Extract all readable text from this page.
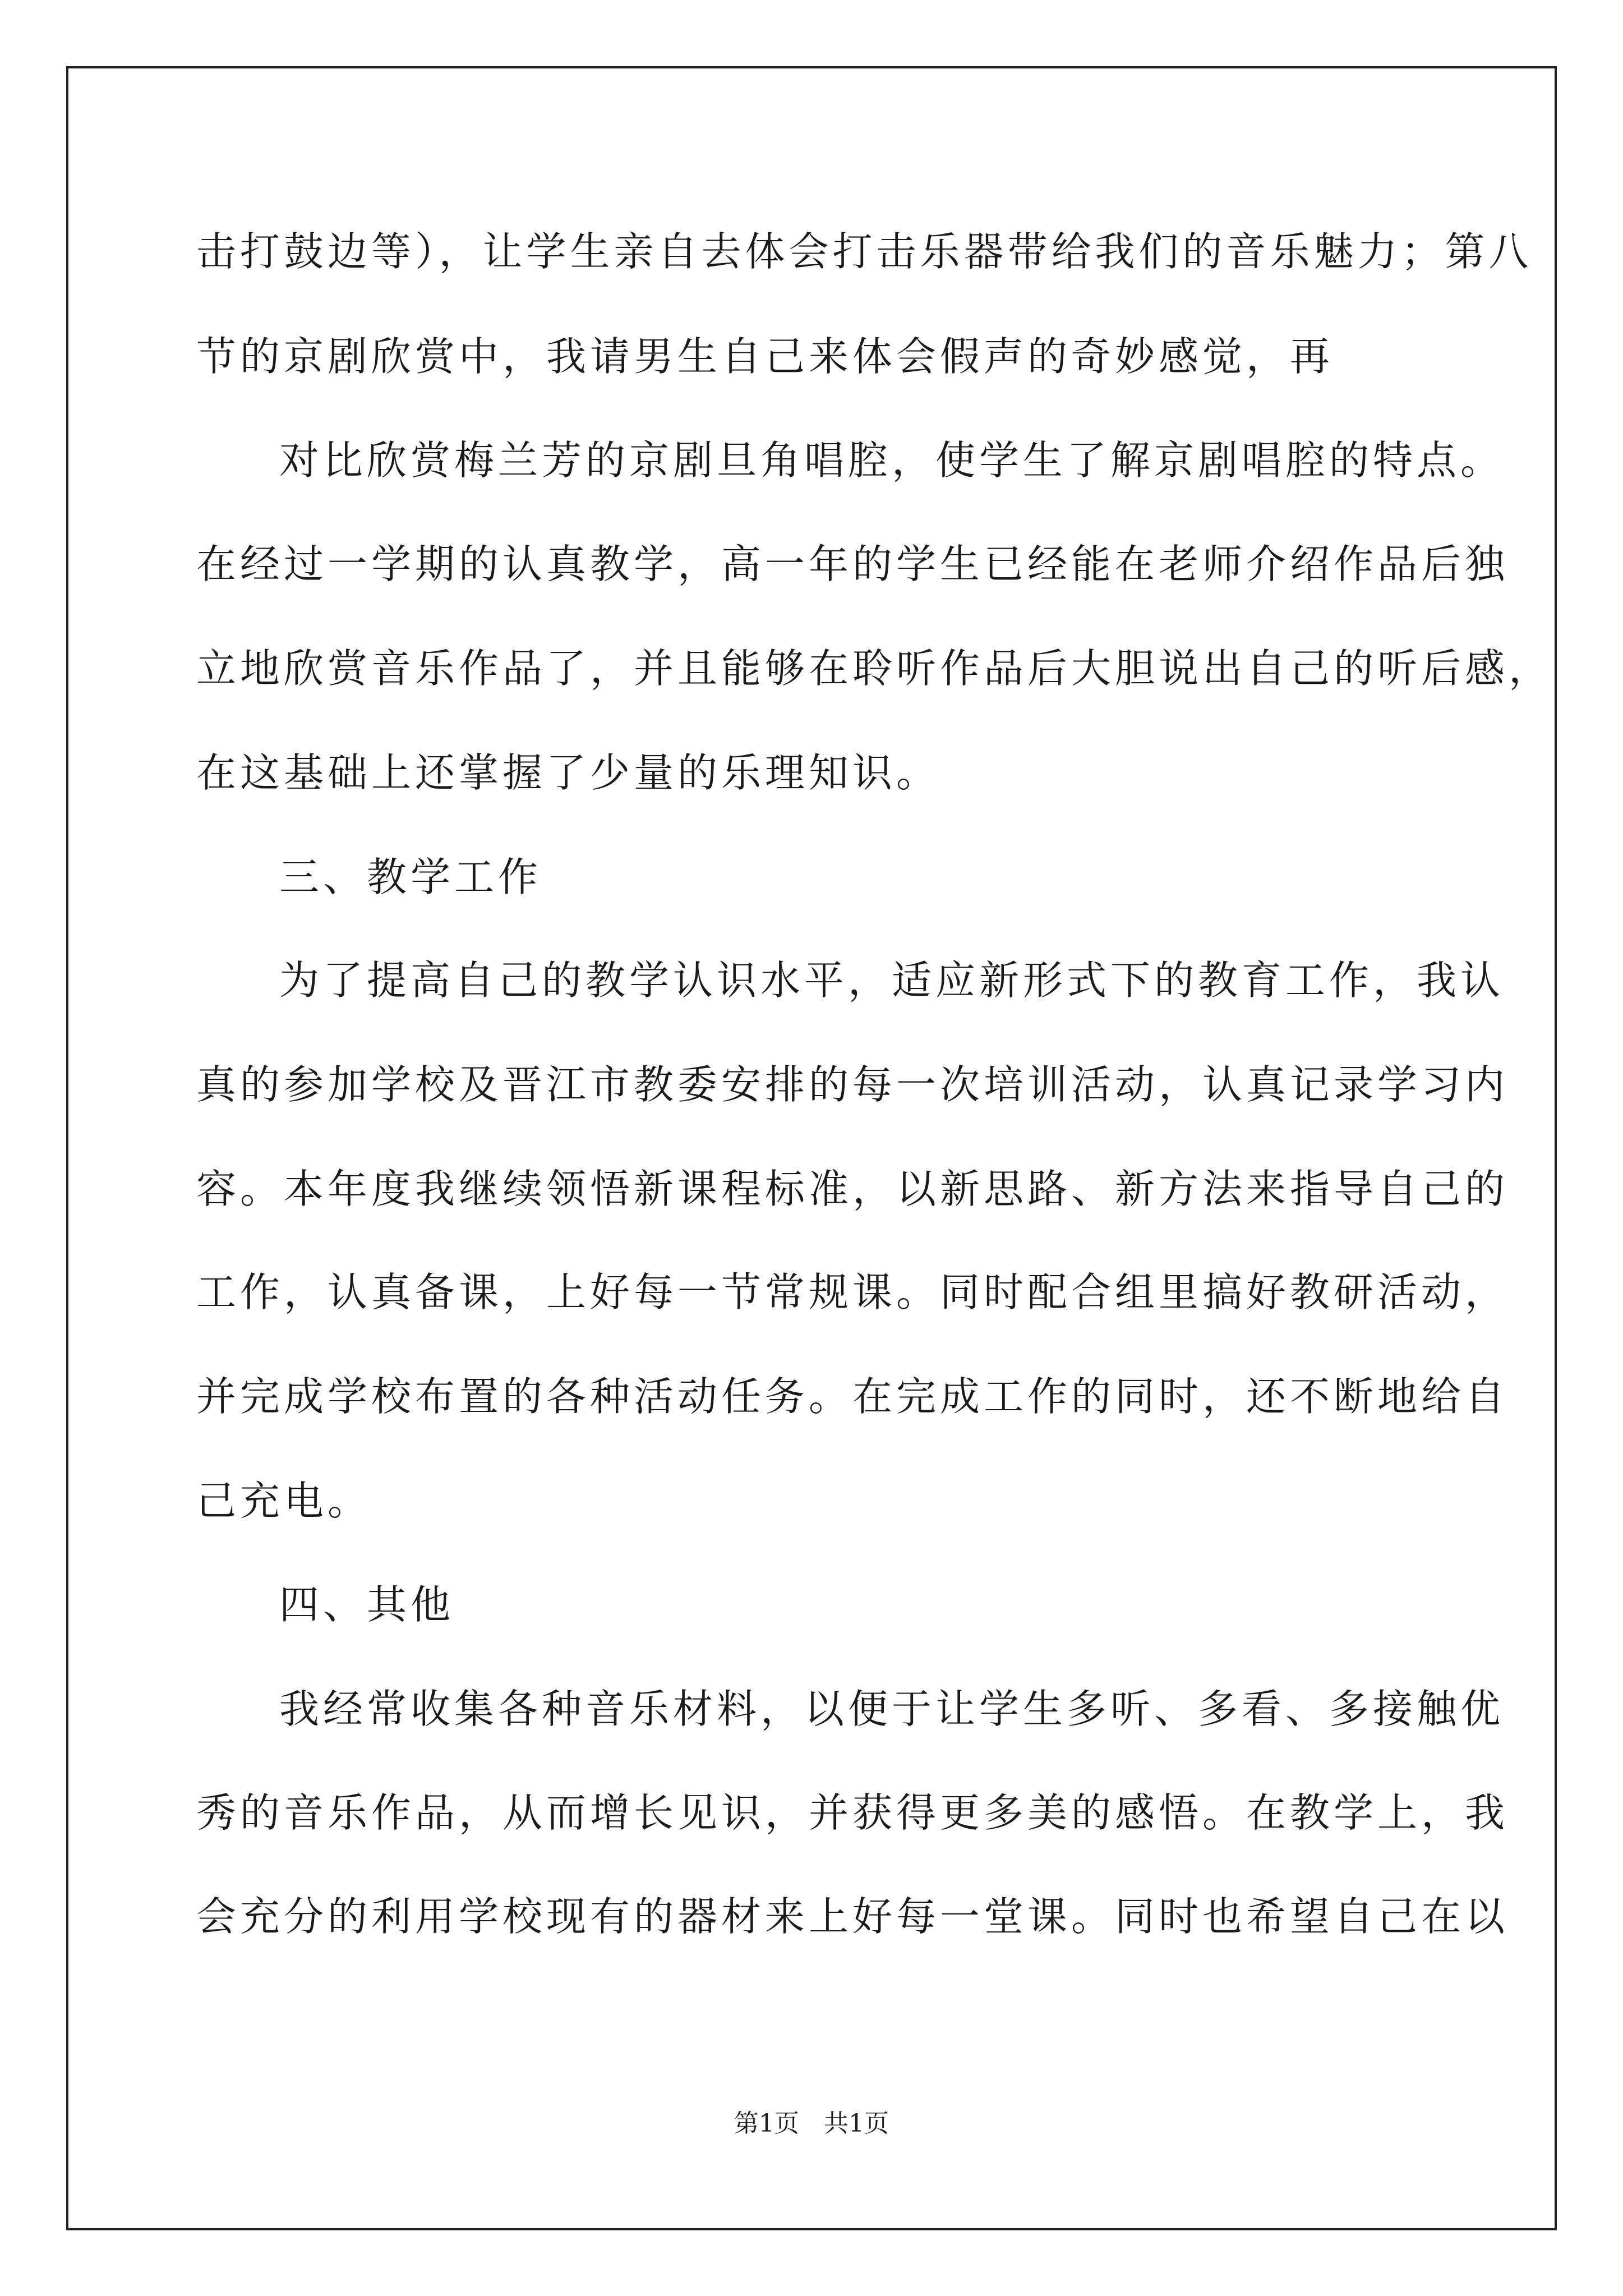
击打鼓边等），让学生亲自去体会打击乐器带给我们的音乐魅力；第八
节的京剧欣赏中，我请男生自己来体会假声的奇妙感觉，再
对比欣赏梅兰芳的京剧旦角唱腔，使学生了解京剧唱腔的特点。
在经过一学期的认真教学，高一年的学生已经能在老师介绍作品后独
立地欣赏音乐作品了，并且能够在聆听作品后大胆说出自己的听后感，
在这基础上还掌握了少量的乐理知识。
三、教学工作
为了提高自己的教学认识水平，适应新形式下的教育工作，我认
真的参加学校及晋江市教委安排的每一次培训活动，认真记录学习内
容。本年度我继续领悟新课程标准，以新思路、新方法来指导自己的
工作，认真备课，上好每一节常规课。同时配合组里搞好教研活动，
并完成学校布置的各种活动任务。在完成工作的同时，还不断地给自
己充电。
四、其他
我经常收集各种音乐材料，以便于让学生多听、多看、多接触优
秀的音乐作品，从而增长见识，并获得更多美的感悟。在教学上，我
会充分的利用学校现有的器材来上好每一堂课。同时也希望自己在以
第1页　共1页
